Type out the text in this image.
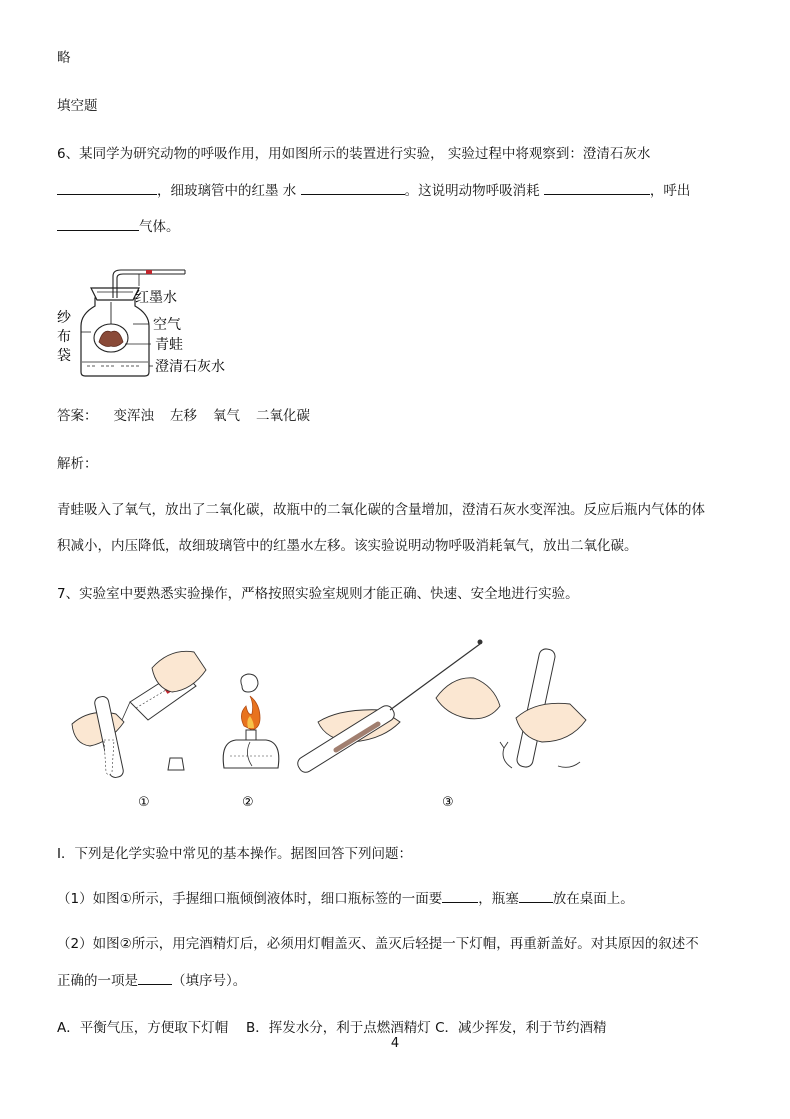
略
填空题
6、某同学为研究动物的呼吸作用，用如图所示的装置进行实验， 实验过程中将观察到：澄清石灰水
，细玻璃管中的红墨 水	。这说明动物呼吸消耗	，呼出
气体。
红墨水
空气
青蛙
澄清石灰水
纱
布
袋
答案： 变浑浊 左移 氧气 二氧化碳
解析：
青蛙吸入了氧气，放出了二氧化碳，故瓶中的二氧化碳的含量增加，澄清石灰水变浑浊。反应后瓶内气体的体
积减小，内压降低，故细玻璃管中的红墨水左移。该实验说明动物呼吸消耗氧气，放出二氧化碳。
7、实验室中要熟悉实验操作，严格按照实验室规则才能正确、快速、安全地进行实验。
①	②	③
Ⅰ．下列是化学实验中常见的基本操作。据图回答下列问题：
（1）如图①所示，手握细口瓶倾倒液体时，细口瓶标签的一面要	，瓶塞	放在桌面上。
（2）如图②所示，用完酒精灯后，必须用灯帽盖灭、盖灭后轻提一下灯帽，再重新盖好。对其原因的叙述不
正确的一项是	（填序号）。
A．平衡气压，方便取下灯帽 　B．挥发水分，利于点燃酒精灯 C．减少挥发，利于节约酒精
4
